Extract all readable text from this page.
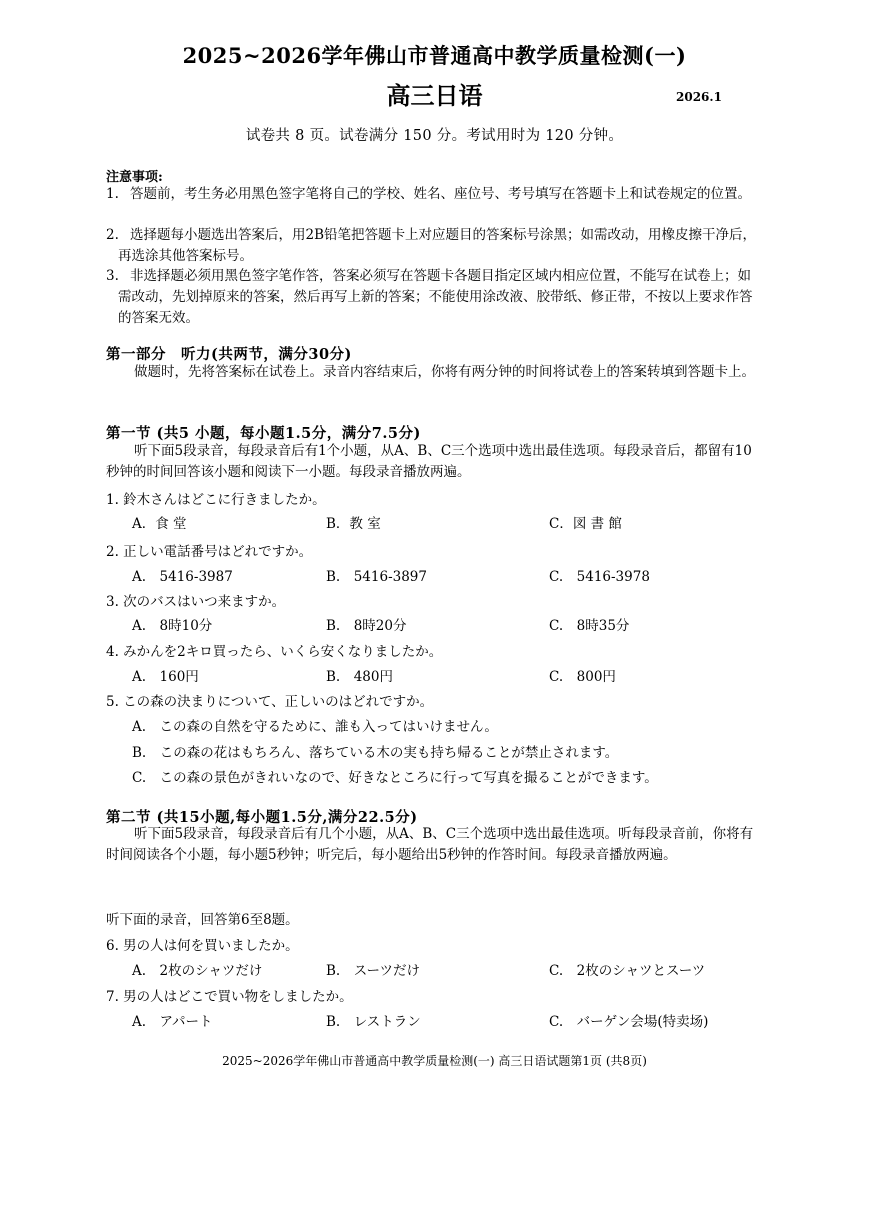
2025~2026学年佛山市普通高中教学质量检测(一)
高三日语	2026.1
试卷共 8 页。试卷满分 150 分。考试用时为 120 分钟。
注意事项:
1. 答题前，考生务必用黑色签字笔将自己的学校、姓名、座位号、考号填写在答题卡上和试卷规定的位置。
2. 选择题每小题选出答案后，用2B铅笔把答题卡上对应题目的答案标号涂黑；如需改动，用橡皮擦干净后，再选涂其他答案标号。
3. 非选择题必须用黑色签字笔作答，答案必须写在答题卡各题目指定区域内相应位置，不能写在试卷上；如需改动，先划掉原来的答案，然后再写上新的答案；不能使用涂改液、胶带纸、修正带，不按以上要求作答的答案无效。
第一部分　听力(共两节，满分30分)
做题时，先将答案标在试卷上。录音内容结束后，你将有两分钟的时间将试卷上的答案转填到答题卡上。
第一节 (共5 小题，每小题1.5分，满分7.5分)
听下面5段录音，每段录音后有1个小题，从A、B、C三个选项中选出最佳选项。每段录音后，都留有10秒钟的时间回答该小题和阅读下一小题。每段录音播放两遍。
1. 鈴木さんはどこに行きましたか。
A．食 堂	B．教 室	C．図 書 館
2. 正しい電話番号はどれですか。
A.　5416-3987	B.　5416-3897	C.　5416-3978
3. 次のバスはいつ来ますか。
A.　8時10分	B.　8時20分	C.　8時35分
4. みかんを2キロ買ったら、いくら安くなりましたか。
A.　160円	B.　480円	C.　800円
5. この森の決まりについて、正しいのはどれですか。
A.　この森の自然を守るために、誰も入ってはいけません。
B.　この森の花はもちろん、落ちている木の実も持ち帰ることが禁止されます。
C.　この森の景色がきれいなので、好きなところに行って写真を撮ることができます。
第二节 (共15小题,每小题1.5分,满分22.5分)
听下面5段录音，每段录音后有几个小题，从A、B、C三个选项中选出最佳选项。听每段录音前，你将有时间阅读各个小题，每小题5秒钟；听完后，每小题给出5秒钟的作答时间。每段录音播放两遍。
听下面的录音，回答第6至8题。
6. 男の人は何を買いましたか。
A.　2枚のシャツだけ	B.　スーツだけ	C.　2枚のシャツとスーツ
7. 男の人はどこで買い物をしましたか。
A.　アパート	B.　レストラン	C.　バーゲン会場(特卖场)
2025~2026学年佛山市普通高中教学质量检测(一) 高三日语试题第1页 (共8页)
